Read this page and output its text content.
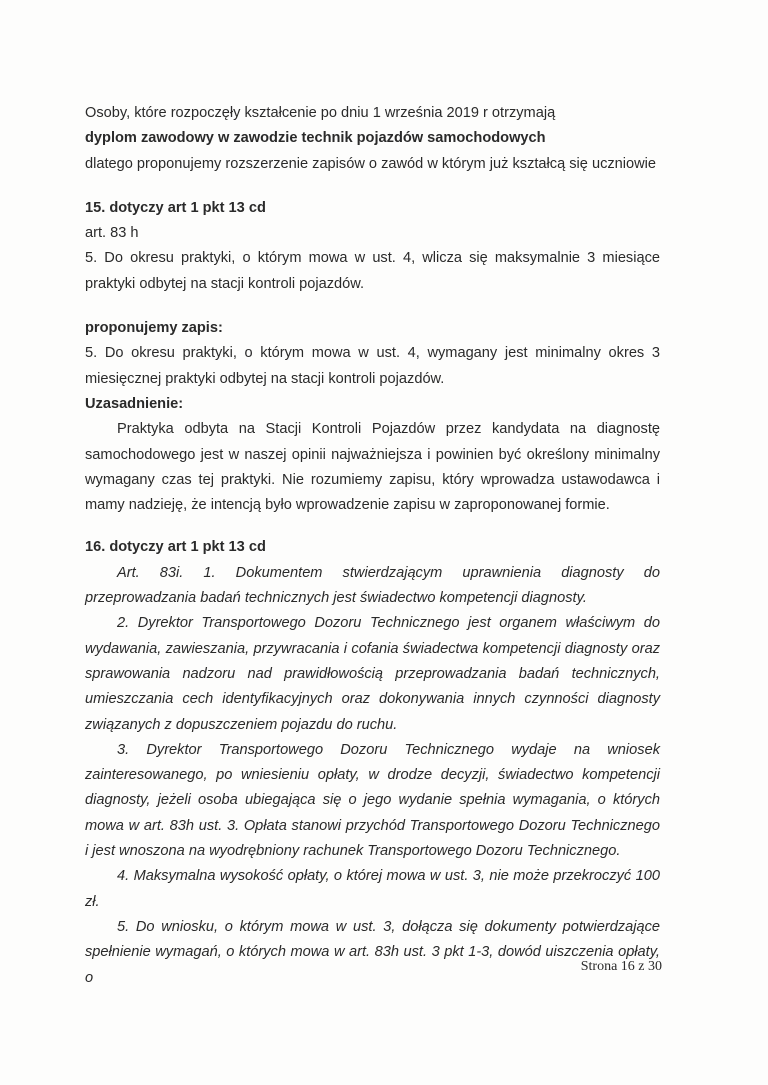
Osoby, które rozpoczęły kształcenie po dniu 1 września 2019 r otrzymają

dyplom zawodowy w zawodzie technik pojazdów samochodowych

dlatego proponujemy rozszerzenie zapisów o zawód w którym już kształcą się uczniowie

15. dotyczy art 1 pkt 13 cd

art. 83 h

5. Do okresu praktyki, o którym mowa w ust. 4, wlicza się maksymalnie 3 miesiące praktyki odbytej na stacji kontroli pojazdów.

proponujemy zapis:

5. Do okresu praktyki, o którym mowa w ust. 4, wymagany jest minimalny okres 3 miesięcznej praktyki odbytej na stacji kontroli pojazdów.

Uzasadnienie:

Praktyka odbyta na Stacji Kontroli Pojazdów przez kandydata na diagnostę samochodowego jest w naszej opinii najważniejsza i powinien być określony minimalny wymagany czas tej praktyki. Nie rozumiemy zapisu, który wprowadza ustawodawca i mamy nadzieję, że intencją było wprowadzenie zapisu w zaproponowanej formie.

16. dotyczy art 1 pkt 13 cd

Art. 83i. 1. Dokumentem stwierdzającym uprawnienia diagnosty do przeprowadzania badań technicznych jest świadectwo kompetencji diagnosty.

2. Dyrektor Transportowego Dozoru Technicznego jest organem właściwym do wydawania, zawieszania, przywracania i cofania świadectwa kompetencji diagnosty oraz sprawowania nadzoru nad prawidłowością przeprowadzania badań technicznych, umieszczania cech identyfikacyjnych oraz dokonywania innych czynności diagnosty związanych z dopuszczeniem pojazdu do ruchu.

3. Dyrektor Transportowego Dozoru Technicznego wydaje na wniosek zainteresowanego, po wniesieniu opłaty, w drodze decyzji, świadectwo kompetencji diagnosty, jeżeli osoba ubiegająca się o jego wydanie spełnia wymagania, o których mowa w art. 83h ust. 3. Opłata stanowi przychód Transportowego Dozoru Technicznego i jest wnoszona na wyodrębniony rachunek Transportowego Dozoru Technicznego.

4. Maksymalna wysokość opłaty, o której mowa w ust. 3, nie może przekroczyć 100 zł.

5. Do wniosku, o którym mowa w ust. 3, dołącza się dokumenty potwierdzające spełnienie wymagań, o których mowa w art. 83h ust. 3 pkt 1-3, dowód uiszczenia opłaty, o

Strona 16 z 30
